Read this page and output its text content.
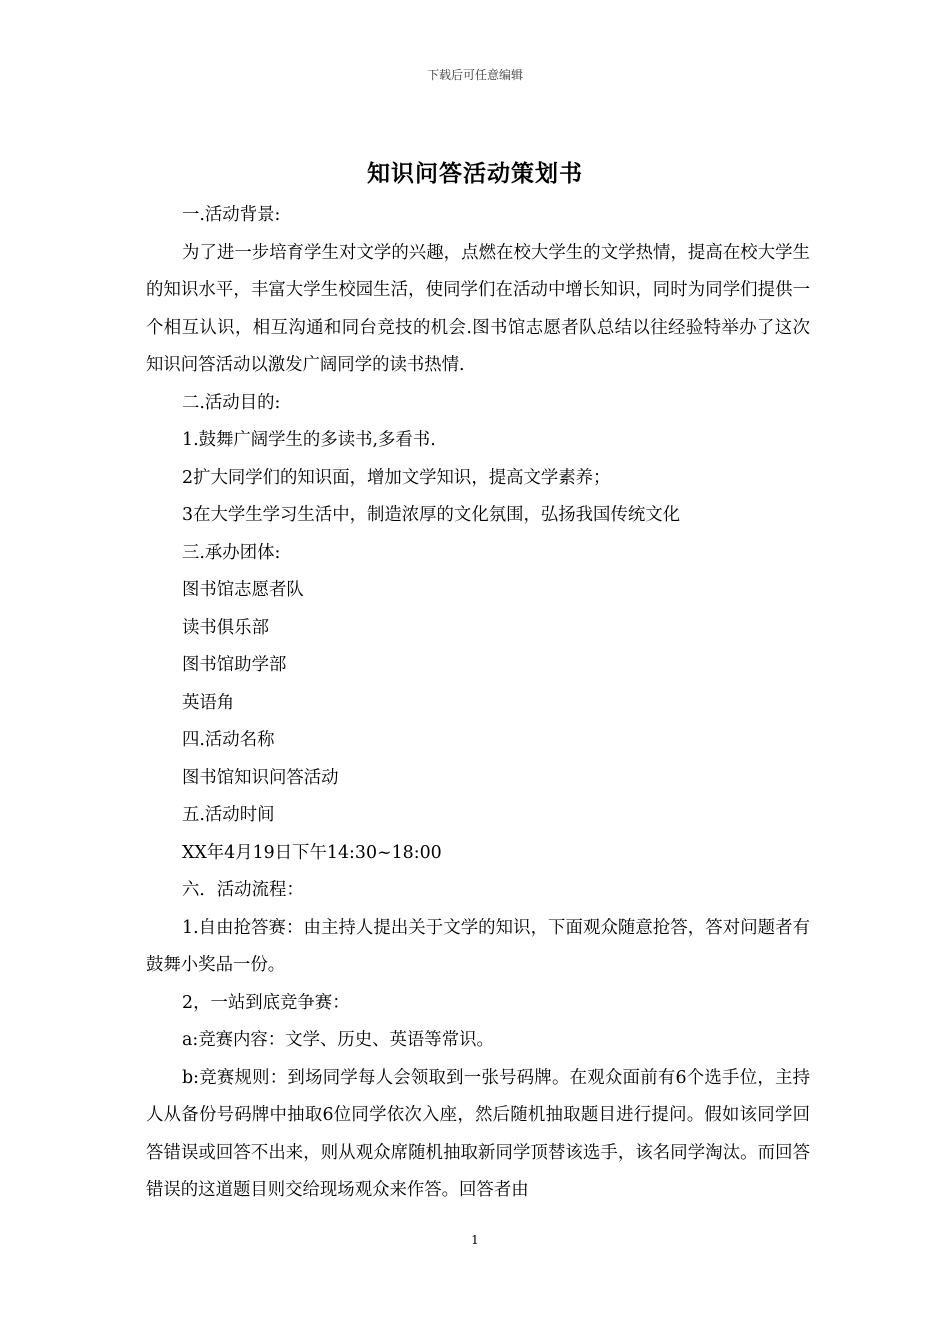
下载后可任意编辑
知识问答活动策划书

一.活动背景:

为了进一步培育学生对文学的兴趣，点燃在校大学生的文学热情，提高在校大学生的知识水平，丰富大学生校园生活，使同学们在活动中增长知识，同时为同学们提供一个相互认识，相互沟通和同台竞技的机会.图书馆志愿者队总结以往经验特举办了这次知识问答活动以激发广阔同学的读书热情.

二.活动目的:

1.鼓舞广阔学生的多读书,多看书.

2扩大同学们的知识面，增加文学知识，提高文学素养；

3在大学生学习生活中，制造浓厚的文化氛围，弘扬我国传统文化

三.承办团体:

图书馆志愿者队

读书俱乐部

图书馆助学部

英语角

四.活动名称

图书馆知识问答活动

五.活动时间

XX年4月19日下午14:30~18:00

六．活动流程：

1.自由抢答赛：由主持人提出关于文学的知识，下面观众随意抢答，答对问题者有鼓舞小奖品一份。

2，一站到底竞争赛：

a:竞赛内容：文学、历史、英语等常识。

b:竞赛规则：到场同学每人会领取到一张号码牌。在观众面前有6个选手位，主持人从备份号码牌中抽取6位同学依次入座，然后随机抽取题目进行提问。假如该同学回答错误或回答不出来，则从观众席随机抽取新同学顶替该选手，该名同学淘汰。而回答错误的这道题目则交给现场观众来作答。回答者由

1
